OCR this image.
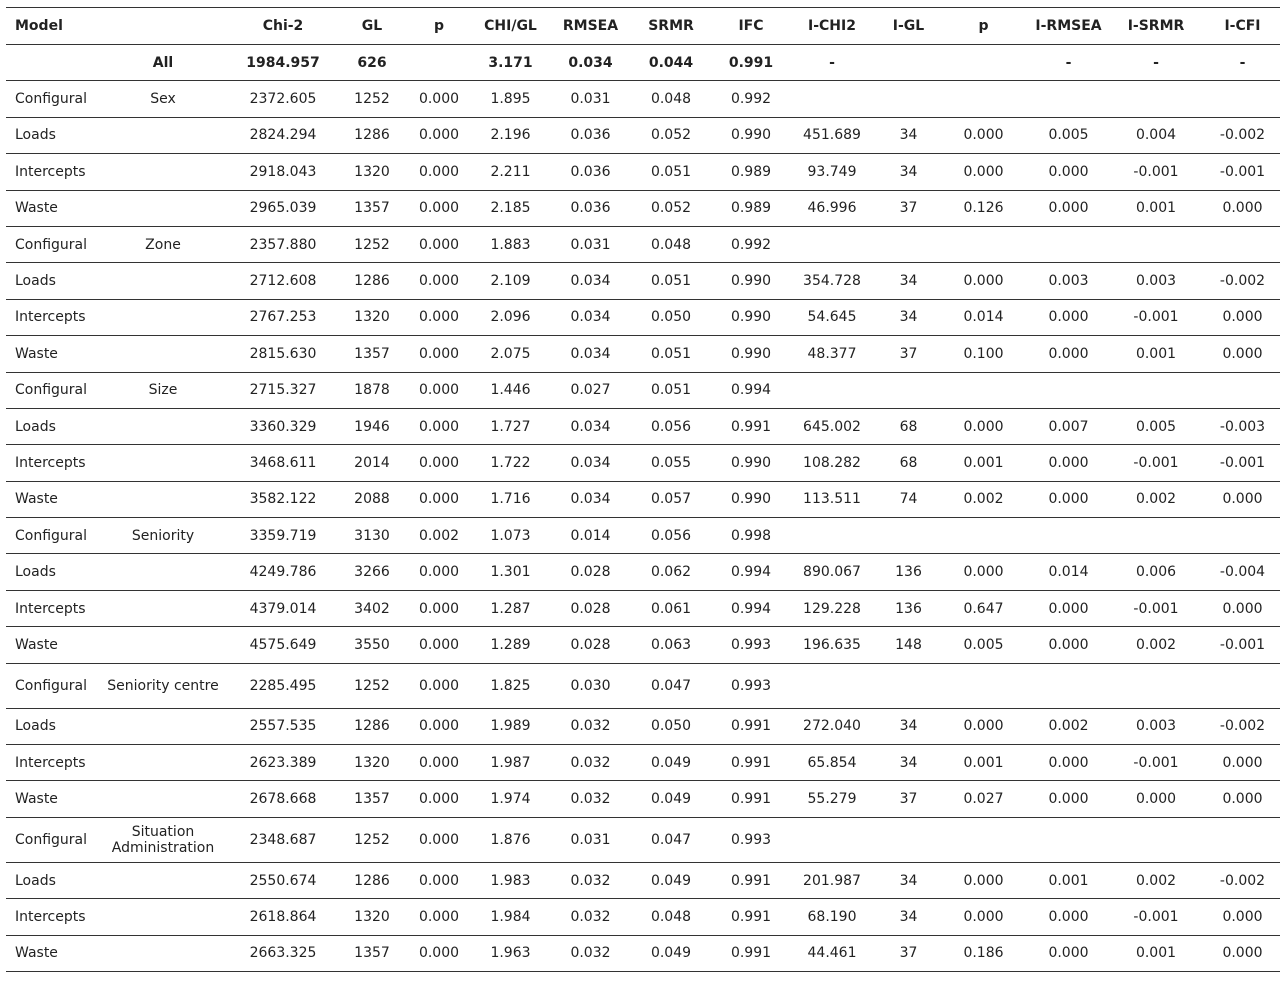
Model		Chi-2	GL	p	CHI/GL	RMSEA	SRMR	IFC	I-CHI2	I-GL	p	I-RMSEA	I-SRMR	I-CFI
	All	1984.957	626		3.171	0.034	0.044	0.991	-			-	-	-
Configural	Sex	2372.605	1252	0.000	1.895	0.031	0.048	0.992						
Loads		2824.294	1286	0.000	2.196	0.036	0.052	0.990	451.689	34	0.000	0.005	0.004	-0.002
Intercepts		2918.043	1320	0.000	2.211	0.036	0.051	0.989	93.749	34	0.000	0.000	-0.001	-0.001
Waste		2965.039	1357	0.000	2.185	0.036	0.052	0.989	46.996	37	0.126	0.000	0.001	0.000
Configural	Zone	2357.880	1252	0.000	1.883	0.031	0.048	0.992						
Loads		2712.608	1286	0.000	2.109	0.034	0.051	0.990	354.728	34	0.000	0.003	0.003	-0.002
Intercepts		2767.253	1320	0.000	2.096	0.034	0.050	0.990	54.645	34	0.014	0.000	-0.001	0.000
Waste		2815.630	1357	0.000	2.075	0.034	0.051	0.990	48.377	37	0.100	0.000	0.001	0.000
Configural	Size	2715.327	1878	0.000	1.446	0.027	0.051	0.994						
Loads		3360.329	1946	0.000	1.727	0.034	0.056	0.991	645.002	68	0.000	0.007	0.005	-0.003
Intercepts		3468.611	2014	0.000	1.722	0.034	0.055	0.990	108.282	68	0.001	0.000	-0.001	-0.001
Waste		3582.122	2088	0.000	1.716	0.034	0.057	0.990	113.511	74	0.002	0.000	0.002	0.000
Configural	Seniority	3359.719	3130	0.002	1.073	0.014	0.056	0.998						
Loads		4249.786	3266	0.000	1.301	0.028	0.062	0.994	890.067	136	0.000	0.014	0.006	-0.004
Intercepts		4379.014	3402	0.000	1.287	0.028	0.061	0.994	129.228	136	0.647	0.000	-0.001	0.000
Waste		4575.649	3550	0.000	1.289	0.028	0.063	0.993	196.635	148	0.005	0.000	0.002	-0.001
Configural	Seniority centre	2285.495	1252	0.000	1.825	0.030	0.047	0.993						
Loads		2557.535	1286	0.000	1.989	0.032	0.050	0.991	272.040	34	0.000	0.002	0.003	-0.002
Intercepts		2623.389	1320	0.000	1.987	0.032	0.049	0.991	65.854	34	0.001	0.000	-0.001	0.000
Waste		2678.668	1357	0.000	1.974	0.032	0.049	0.991	55.279	37	0.027	0.000	0.000	0.000
Configural	Situation Administration	2348.687	1252	0.000	1.876	0.031	0.047	0.993						
Loads		2550.674	1286	0.000	1.983	0.032	0.049	0.991	201.987	34	0.000	0.001	0.002	-0.002
Intercepts		2618.864	1320	0.000	1.984	0.032	0.048	0.991	68.190	34	0.000	0.000	-0.001	0.000
Waste		2663.325	1357	0.000	1.963	0.032	0.049	0.991	44.461	37	0.186	0.000	0.001	0.000
